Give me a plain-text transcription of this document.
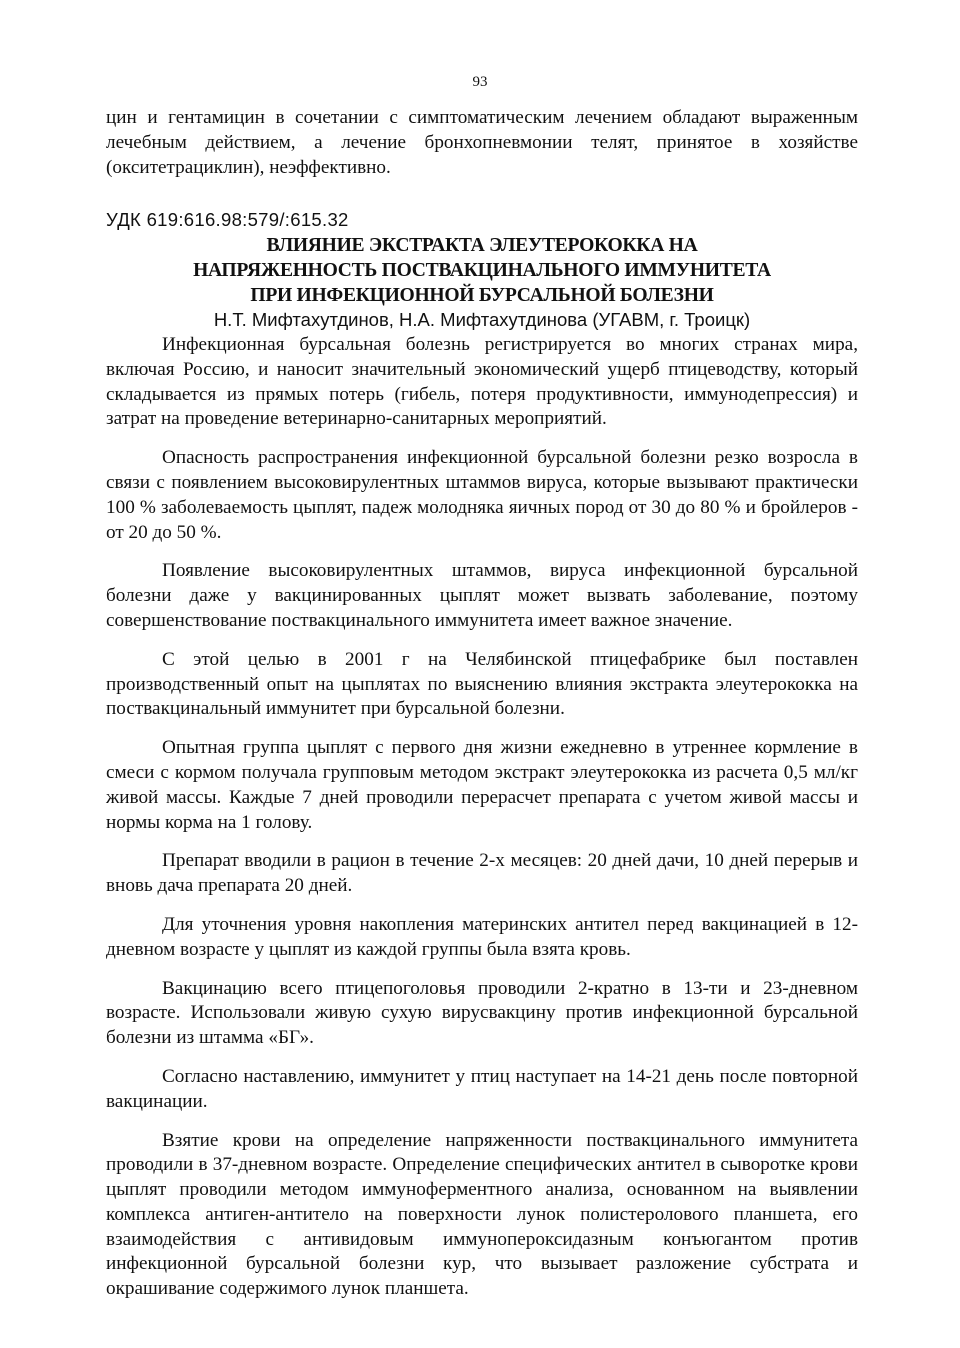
93

цин и гентамицин в сочетании с симптоматическим лечением обладают выраженным лечебным действием, а лечение бронхопневмонии телят, принятое в хозяйстве (окситетрациклин), неэффективно.

УДК 619:616.98:579/:615.32
ВЛИЯНИЕ ЭКСТРАКТА ЭЛЕУТЕРОКОККА НА
НАПРЯЖЕННОСТЬ ПОСТВАКЦИНАЛЬНОГО ИММУНИТЕТА
ПРИ ИНФЕКЦИОННОЙ БУРСАЛЬНОЙ БОЛЕЗНИ
Н.Т. Мифтахутдинов, Н.А. Мифтахутдинова (УГАВМ, г. Троицк)

Инфекционная бурсальная болезнь регистрируется во многих странах мира, включая Россию, и наносит значительный экономический ущерб птицеводству, который складывается из прямых потерь (гибель, потеря продуктивности, иммунодепрессия) и затрат на проведение ветеринарно-санитарных мероприятий.

Опасность распространения инфекционной бурсальной болезни резко возросла в связи с появлением высоковирулентных штаммов вируса, которые вызывают практически 100 % заболеваемость цыплят, падеж молодняка яичных пород от 30 до 80 % и бройлеров - от 20 до 50 %.

Появление высоковирулентных штаммов, вируса инфекционной бурсальной болезни даже у вакцинированных цыплят может вызвать заболевание, поэтому совершенствование поствакцинального иммунитета имеет важное значение.

С этой целью в 2001 г на Челябинской птицефабрике был поставлен производственный опыт на цыплятах по выяснению влияния экстракта элеутерококка на поствакцинальный иммунитет при бурсальной болезни.

Опытная группа цыплят с первого дня жизни ежедневно в утреннее кормление в смеси с кормом получала групповым методом экстракт элеутерококка из расчета 0,5 мл/кг живой массы. Каждые 7 дней проводили перерасчет препарата с учетом живой массы и нормы корма на 1 голову.

Препарат вводили в рацион в течение 2-х месяцев: 20 дней дачи, 10 дней перерыв и вновь дача препарата 20 дней.

Для уточнения уровня накопления материнских антител перед вакцинацией в 12-дневном возрасте у цыплят из каждой группы была взята кровь.

Вакцинацию всего птицепоголовья проводили 2-кратно в 13-ти и 23-дневном возрасте. Использовали живую сухую вирусвакцину против инфекционной бурсальной болезни из штамма «БГ».

Согласно наставлению, иммунитет у птиц наступает на 14-21 день после повторной вакцинации.

Взятие крови на определение напряженности поствакцинального иммунитета проводили в 37-дневном возрасте. Определение специфических антител в сыворотке крови цыплят проводили методом иммуноферментного анализа, основанном на выявлении комплекса антиген-антитело на поверхности лунок полистеролового планшета, его взаимодействия с антивидовым иммунопероксидазным конъюгантом против инфекционной бурсальной болезни кур, что вызывает разложение субстрата и окрашивание содержимого лунок планшета.
